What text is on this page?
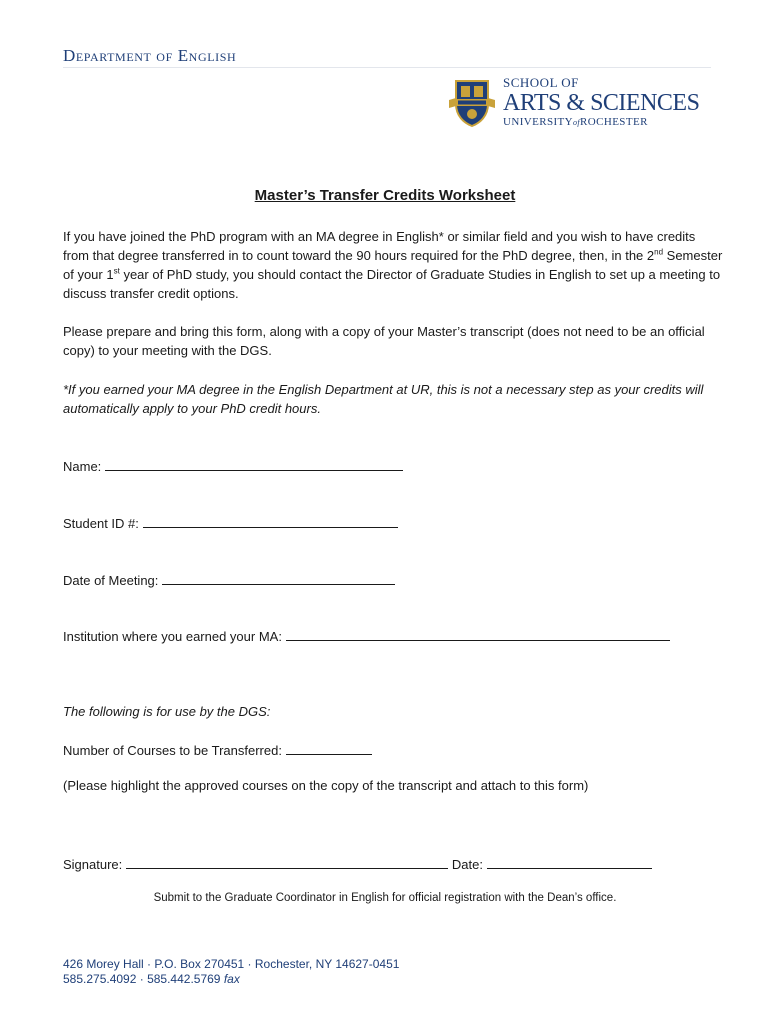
Department of English
SCHOOL OF
ARTS & SCIENCES
UNIVERSITYofROCHESTER
Master’s Transfer Credits Worksheet
If you have joined the PhD program with an MA degree in English* or similar field and you wish to have credits from that degree transferred in to count toward the 90 hours required for the PhD degree, then, in the 2nd Semester of your 1st year of PhD study, you should contact the Director of Graduate Studies in English to set up a meeting to discuss transfer credit options.
Please prepare and bring this form, along with a copy of your Master’s transcript (does not need to be an official copy) to your meeting with the DGS.
*If you earned your MA degree in the English Department at UR, this is not a necessary step as your credits will automatically apply to your PhD credit hours.
Name:
Student ID #:
Date of Meeting:
Institution where you earned your MA:
The following is for use by the DGS:
Number of Courses to be Transferred:
(Please highlight the approved courses on the copy of the transcript and attach to this form)
Signature:	Date:
Submit to the Graduate Coordinator in English for official registration with the Dean’s office.
426 Morey Hall · P.O. Box 270451 · Rochester, NY 14627-0451
585.275.4092 · 585.442.5769 fax
